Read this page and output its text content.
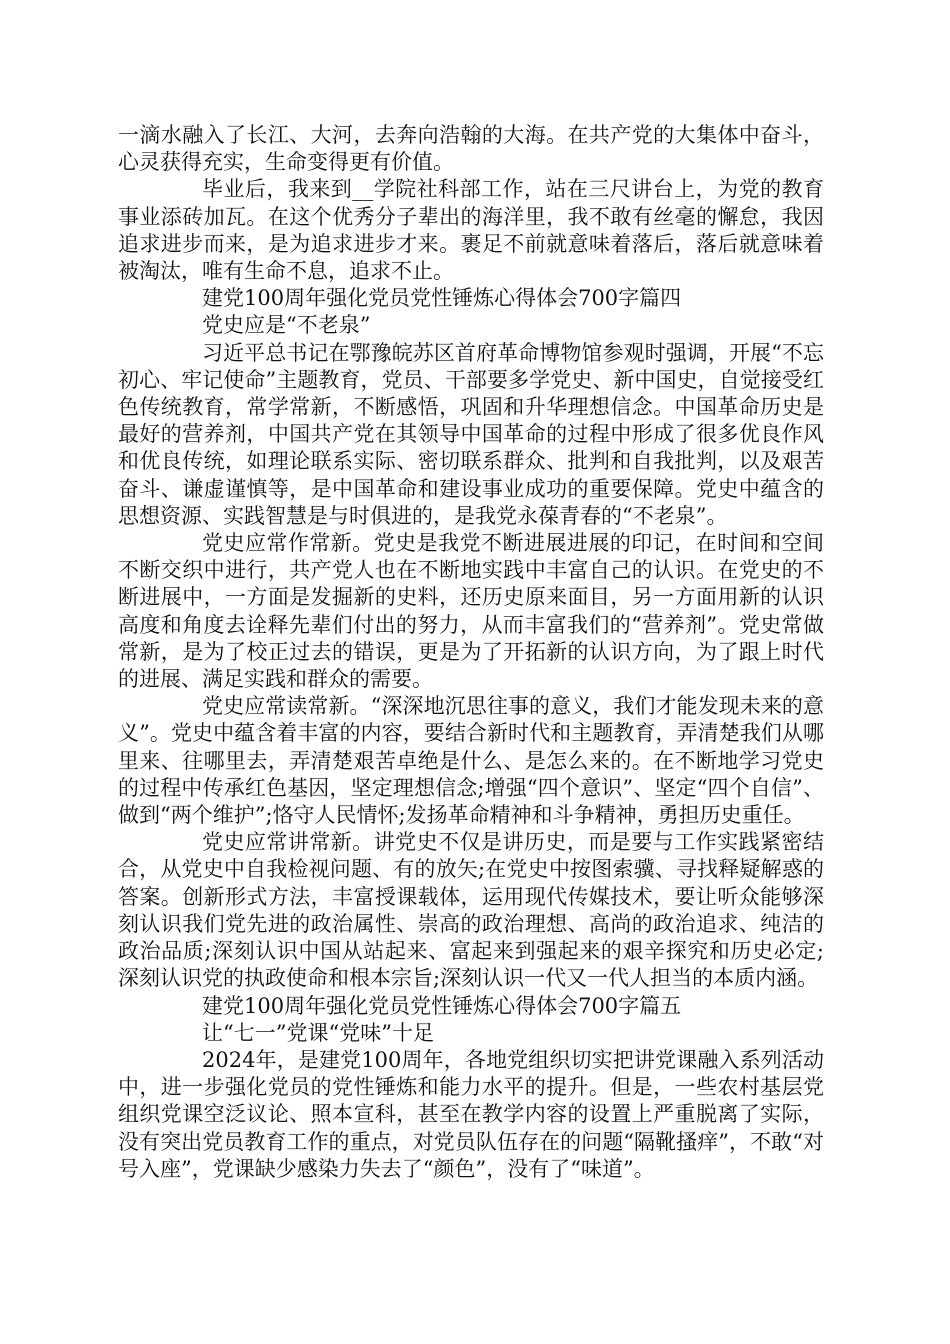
一滴水融入了长江、大河，去奔向浩翰的大海。在共产党的大集体中奋斗，心灵获得充实，生命变得更有价值。

毕业后，我来到__学院社科部工作，站在三尺讲台上，为党的教育事业添砖加瓦。在这个优秀分子辈出的海洋里，我不敢有丝毫的懈怠，我因追求进步而来，是为追求进步才来。裹足不前就意味着落后，落后就意味着被淘汰，唯有生命不息，追求不止。

建党100周年强化党员党性锤炼心得体会700字篇四

党史应是“不老泉”

习近平总书记在鄂豫皖苏区首府革命博物馆参观时强调，开展“不忘初心、牢记使命”主题教育，党员、干部要多学党史、新中国史，自觉接受红色传统教育，常学常新，不断感悟，巩固和升华理想信念。中国革命历史是最好的营养剂，中国共产党在其领导中国革命的过程中形成了很多优良作风和优良传统，如理论联系实际、密切联系群众、批判和自我批判，以及艰苦奋斗、谦虚谨慎等，是中国革命和建设事业成功的重要保障。党史中蕴含的思想资源、实践智慧是与时俱进的，是我党永葆青春的“不老泉”。

党史应常作常新。党史是我党不断进展进展的印记，在时间和空间不断交织中进行，共产党人也在不断地实践中丰富自己的认识。在党史的不断进展中，一方面是发掘新的史料，还历史原来面目，另一方面用新的认识高度和角度去诠释先辈们付出的努力，从而丰富我们的“营养剂”。党史常做常新，是为了校正过去的错误，更是为了开拓新的认识方向，为了跟上时代的进展、满足实践和群众的需要。

党史应常读常新。“深深地沉思往事的意义，我们才能发现未来的意义”。党史中蕴含着丰富的内容，要结合新时代和主题教育，弄清楚我们从哪里来、往哪里去，弄清楚艰苦卓绝是什么、是怎么来的。在不断地学习党史的过程中传承红色基因，坚定理想信念;增强“四个意识”、坚定“四个自信”、做到“两个维护”;恪守人民情怀;发扬革命精神和斗争精神，勇担历史重任。

党史应常讲常新。讲党史不仅是讲历史，而是要与工作实践紧密结合，从党史中自我检视问题、有的放矢;在党史中按图索骥、寻找释疑解惑的答案。创新形式方法，丰富授课载体，运用现代传媒技术，要让听众能够深刻认识我们党先进的政治属性、崇高的政治理想、高尚的政治追求、纯洁的政治品质;深刻认识中国从站起来、富起来到强起来的艰辛探究和历史必定;深刻认识党的执政使命和根本宗旨;深刻认识一代又一代人担当的本质内涵。

建党100周年强化党员党性锤炼心得体会700字篇五

让“七一”党课“党味”十足

2024年，是建党100周年，各地党组织切实把讲党课融入系列活动中，进一步强化党员的党性锤炼和能力水平的提升。但是，一些农村基层党组织党课空泛议论、照本宣科，甚至在教学内容的设置上严重脱离了实际，没有突出党员教育工作的重点，对党员队伍存在的问题“隔靴搔痒”，不敢“对号入座”，党课缺少感染力失去了“颜色”，没有了“味道”。
